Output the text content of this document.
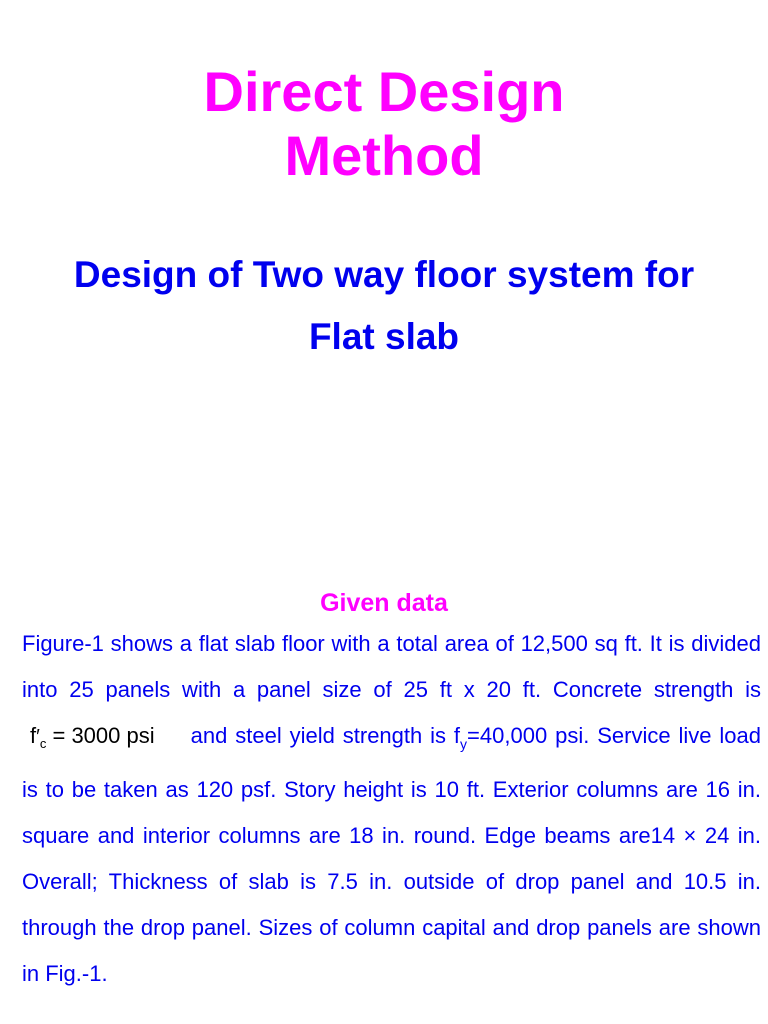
Direct Design
Method
Design of Two way floor system for
Flat slab
Given data
Figure-1 shows a flat slab floor with a total area of 12,500 sq ft. It is divided into 25 panels with a panel size of 25 ft x 20 ft. Concrete strength $isf'_c = 3000$ psi and steel yield strength is $f_y=40,000$ psi. Service live load is to be taken as 120 psf. Story height is 10 ft. Exterior columns are 16 in. square and interior columns are 18 in. round. Edge beams are14 × 24 in. Overall; Thickness of slab is 7.5 in. outside of drop panel and 10.5 in. through the drop panel. Sizes of column capital and drop panels are shown in Fig.-1.
